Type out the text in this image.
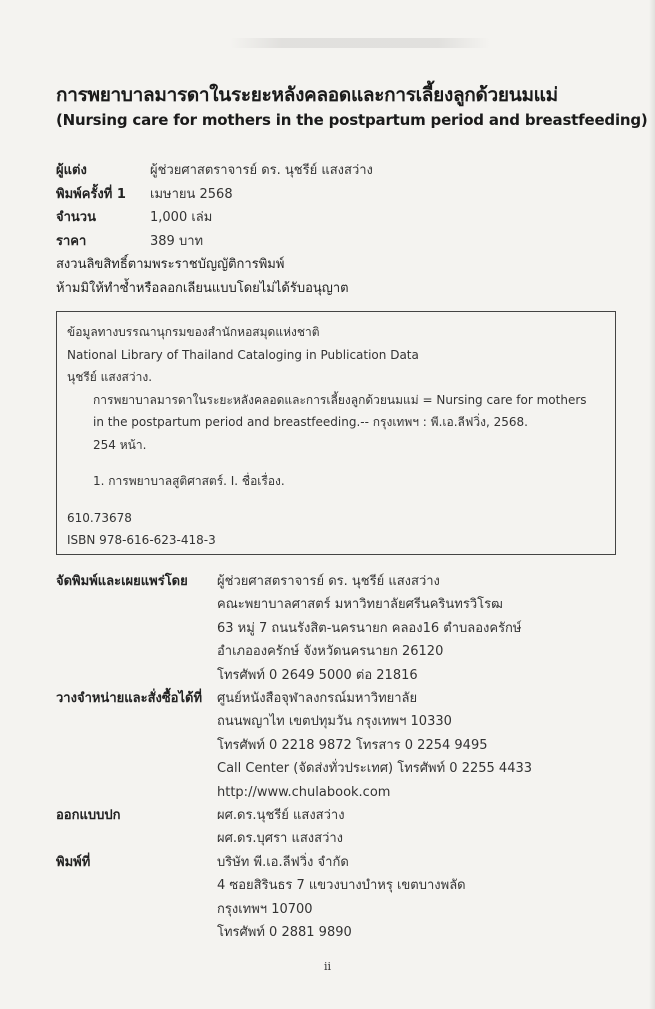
การพยาบาลมารดาในระยะหลังคลอดและการเลี้ยงลูกด้วยนมแม่
(Nursing care for mothers in the postpartum period and breastfeeding)
ผู้แต่ง	ผู้ช่วยศาสตราจารย์ ดร. นุชรีย์ แสงสว่าง
พิมพ์ครั้งที่ 1	เมษายน 2568
จำนวน	1,000 เล่ม
ราคา	389 บาท
สงวนลิขสิทธิ์ตามพระราชบัญญัติการพิมพ์
ห้ามมิให้ทำซ้ำหรือลอกเลียนแบบโดยไม่ได้รับอนุญาต
ข้อมูลทางบรรณานุกรมของสำนักหอสมุดแห่งชาติ
National Library of Thailand Cataloging in Publication Data
นุชรีย์ แสงสว่าง.
การพยาบาลมารดาในระยะหลังคลอดและการเลี้ยงลูกด้วยนมแม่ = Nursing care for mothers
in the postpartum period and breastfeeding.-- กรุงเทพฯ : พี.เอ.ลีฟวิ่ง, 2568.
254 หน้า.
1. การพยาบาลสูติศาสตร์. I. ชื่อเรื่อง.
610.73678
ISBN 978-616-623-418-3
จัดพิมพ์และเผยแพร่โดย	ผู้ช่วยศาสตราจารย์ ดร. นุชรีย์ แสงสว่าง
คณะพยาบาลศาสตร์ มหาวิทยาลัยศรีนครินทรวิโรฒ
63 หมู่ 7 ถนนรังสิต-นครนายก คลอง16 ตำบลองครักษ์
อำเภอองครักษ์ จังหวัดนครนายก 26120
โทรศัพท์ 0 2649 5000 ต่อ 21816
วางจำหน่ายและสั่งซื้อได้ที่	ศูนย์หนังสือจุฬาลงกรณ์มหาวิทยาลัย
ถนนพญาไท เขตปทุมวัน กรุงเทพฯ 10330
โทรศัพท์ 0 2218 9872 โทรสาร 0 2254 9495
Call Center (จัดส่งทั่วประเทศ) โทรศัพท์ 0 2255 4433
http://www.chulabook.com
ออกแบบปก	ผศ.ดร.นุชรีย์ แสงสว่าง
ผศ.ดร.บุศรา แสงสว่าง
พิมพ์ที่	บริษัท พี.เอ.ลีฟวิ่ง จำกัด
4 ซอยสิรินธร 7 แขวงบางบำหรุ เขตบางพลัด
กรุงเทพฯ 10700
โทรศัพท์ 0 2881 9890
ii
